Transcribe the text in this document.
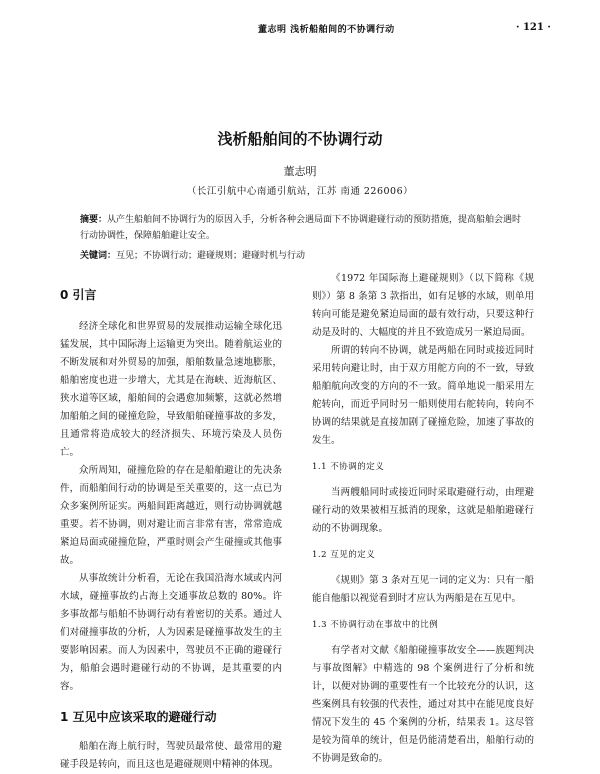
董志明 浅析船舶间的不协调行动	· 121 ·
浅析船舶间的不协调行动
董志明
（长江引航中心南通引航站，江苏 南通 226006）
摘要：从产生船舶间不协调行为的原因入手，分析各种会遇局面下不协调避碰行动的预防措施，提高船舶会遇时行动协调性，保障船舶避让安全。
关键词：互见；不协调行动；避碰规则；避碰时机与行动

0 引言

经济全球化和世界贸易的发展推动运输全球化迅猛发展，其中国际海上运输更为突出。随着航运业的不断发展和对外贸易的加强，船舶数量急速地膨胀，船舶密度也进一步增大，尤其是在海峡、近海航区、狭水道等区域，船舶间的会遇愈加频繁，这就必然增加船舶之间的碰撞危险，导致船舶碰撞事故的多发，且通常将造成较大的经济损失、环境污染及人员伤亡。

众所周知，碰撞危险的存在是船舶避让的先决条件，而船舶间行动的协调是至关重要的，这一点已为众多案例所证实。两船间距离越近，则行动协调就越重要。若不协调，则对避让而言非常有害，常常造成紧迫局面或碰撞危险，严重时则会产生碰撞或其他事故。

从事故统计分析看，无论在我国沿海水域或内河水域，碰撞事故约占海上交通事故总数的 80%。许多事故都与船舶不协调行动有着密切的关系。通过人们对碰撞事故的分析，人为因素是碰撞事故发生的主要影响因素。而人为因素中，驾驶员不正确的避碰行为，船舶会遇时避碰行动的不协调，是其重要的内容。

1 互见中应该采取的避碰行动

船舶在海上航行时，驾驶员最常使、最常用的避碰手段是转向，而且这也是避碰规则中精神的体现。

《1972 年国际海上避碰规则》（以下简称《规则》）第 8 条第 3 款指出，如有足够的水域，则单用转向可能是避免紧迫局面的最有效行动，只要这种行动是及时的、大幅度的并且不致造成另一紧迫局面。

所谓的转向不协调，就是两船在同时或接近同时采用转向避让时，由于双方用舵方向的不一致，导致船舶航向改变的方向的不一致。简单地说一船采用左舵转向，而近乎同时另一船则使用右舵转向，转向不协调的结果就是直接加剧了碰撞危险，加速了事故的发生。

1.1 不协调的定义

当两艘船同时或接近同时采取避碰行动，由理避碰行动的效果被相互抵消的现象，这就是船舶避碰行动的不协调现象。

1.2 互见的定义

《规则》第 3 条对互见一词的定义为：只有一船能自他船以视觉看到时才应认为两船是在互见中。

1.3 不协调行动在事故中的比例

有学者对文献《船舶碰撞事故安全——族题判决与事故图解》中精选的 98 个案例进行了分析和统计，以便对协调的重要性有一个比较充分的认识，这些案例具有较强的代表性，通过对其中在能见度良好情况下发生的 45 个案例的分析，结果表 1。这尽管是较为简单的统计，但是仍能清楚看出，船舶行动的不协调是致命的。
